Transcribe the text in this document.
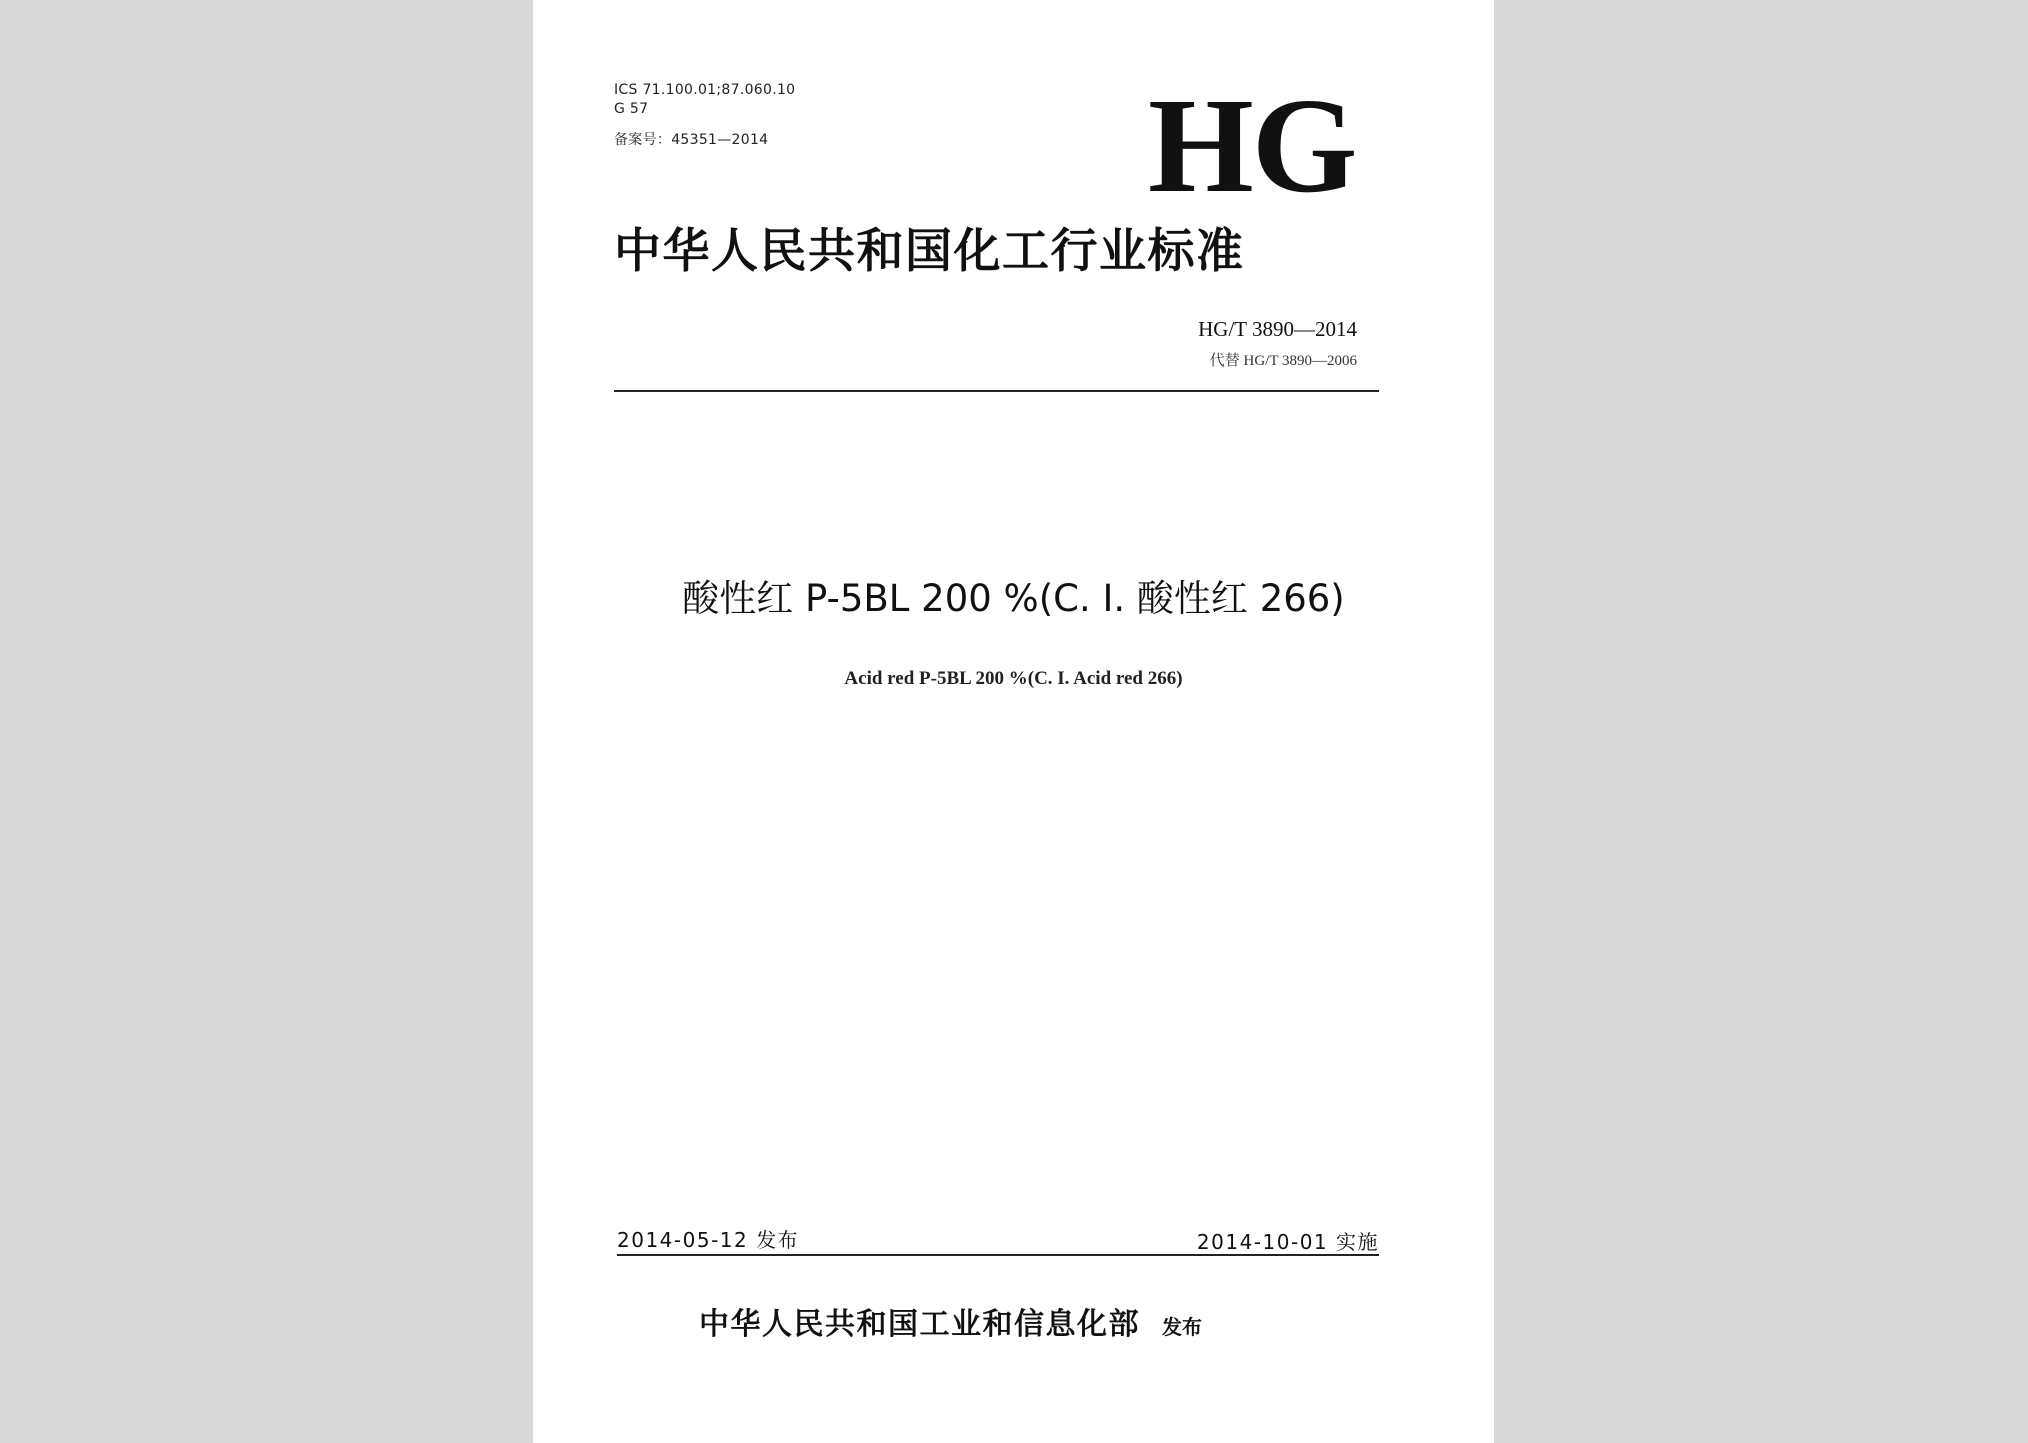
ICS 71.100.01;87.060.10
G 57
备案号：45351—2014	HG
中华人民共和国化工行业标准
HG/T 3890—2014
代替 HG/T 3890—2006
酸性红 P-5BL 200 %(C. I. 酸性红 266)
Acid red P-5BL 200 %(C. I. Acid red 266)
2014-05-12 发布	2014-10-01 实施
中华人民共和国工业和信息化部 发布
